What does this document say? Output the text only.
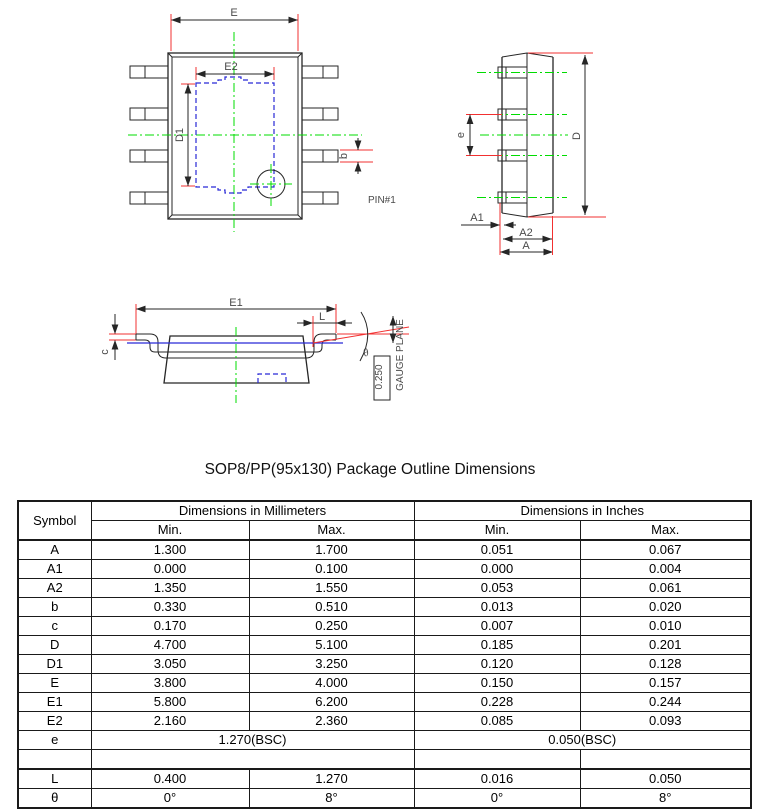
E
E2
D1
b
PIN#1
e	D
A1
A2
A
E1
L
c	θ
0.250 GAUGE PLANE
SOP8/PP(95x130) Package Outline Dimensions
Symbol	Dimensions in Millimeters		Dimensions in Inches	
	Min.	Max.	Min.	Max.
A	1.300	1.700	0.051	0.067
A1	0.000	0.100	0.000	0.004
A2	1.350	1.550	0.053	0.061
b	0.330	0.510	0.013	0.020
c	0.170	0.250	0.007	0.010
D	4.700	5.100	0.185	0.201
D1	3.050	3.250	0.120	0.128
E	3.800	4.000	0.150	0.157
E1	5.800	6.200	0.228	0.244
E2	2.160	2.360	0.085	0.093
e	1.270(BSC)		0.050(BSC)	

L	0.400	1.270	0.016	0.050
θ	0°	8°	0°	8°
